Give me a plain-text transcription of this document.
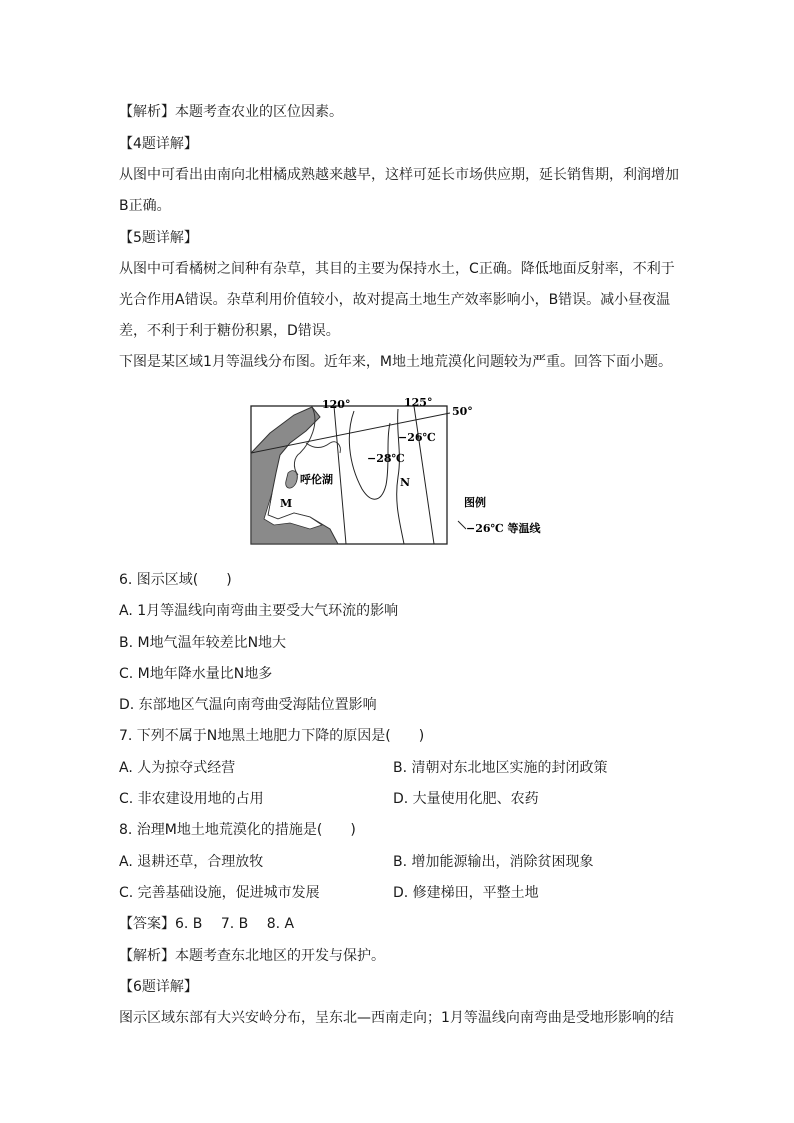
【解析】本题考查农业的区位因素。
【4题详解】
从图中可看出由南向北柑橘成熟越来越早，这样可延长市场供应期，延长销售期，利润增加
B正确。
【5题详解】
从图中可看橘树之间种有杂草，其目的主要为保持水土，C正确。降低地面反射率，不利于
光合作用A错误。杂草利用价值较小，故对提高土地生产效率影响小，B错误。减小昼夜温
差，不利于利于糖份积累，D错误。
下图是某区域1月等温线分布图。近年来，M地土地荒漠化问题较为严重。回答下面小题。
120°	125°
50°
−26℃
−28℃
呼伦湖
M
N
图例
−26℃ 等温线
6. 图示区域(　　)
A. 1月等温线向南弯曲主要受大气环流的影响
B. M地气温年较差比N地大
C. M地年降水量比N地多
D. 东部地区气温向南弯曲受海陆位置影响
7. 下列不属于N地黑土地肥力下降的原因是(　　)
A. 人为掠夺式经营	B. 清朝对东北地区实施的封闭政策
C. 非农建设用地的占用	D. 大量使用化肥、农药
8. 治理M地土地荒漠化的措施是(　　)
A. 退耕还草，合理放牧	B. 增加能源输出，消除贫困现象
C. 完善基础设施，促进城市发展	D. 修建梯田，平整土地
【答案】6. B　 7. B　 8. A
【解析】本题考查东北地区的开发与保护。
【6题详解】
图示区域东部有大兴安岭分布，呈东北—西南走向；1月等温线向南弯曲是受地形影响的结
